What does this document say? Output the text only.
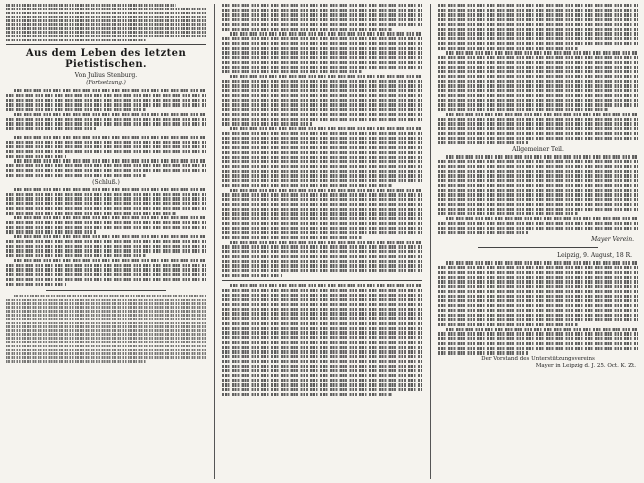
Aus dem Leben des letzten Pietistischen.
Von Julius Stenburg.
(Fortsetzung.)
(Schluß.)
Allgemeiner Teil.
Mayer Verein.
Leipzig, 9. August, 18 R.
Der Vorstand des Unterstützungsvereins
Mayer in Leipzig d. J. 25. Oct. K. Zt.
